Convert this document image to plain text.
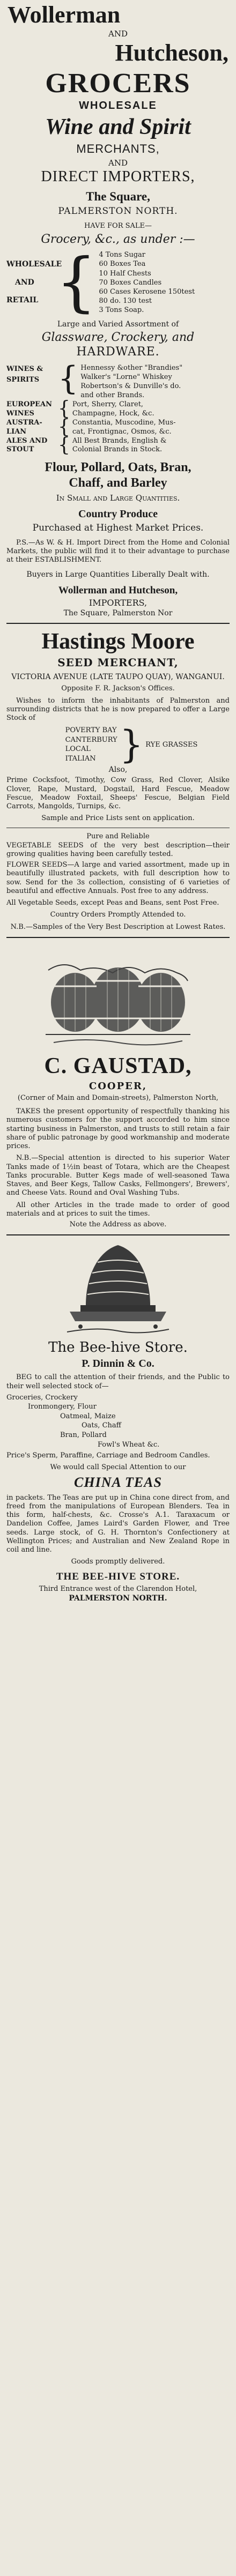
Wollerman
AND
Hutcheson,
GROCERS
WHOLESALE
Wine and Spirit
MERCHANTS,
AND
DIRECT IMPORTERS,
The Square,
PALMERSTON NORTH.
HAVE FOR SALE—
Grocery, &c., as under :—
WHOLESALE
AND
RETAIL { 4 Tons Sugar
60 Boxes Tea
10 Half Chests
70 Boxes Candles
60 Cases Kerosene 150test
80 do. 130 test
3 Tons Soap.
Large and Varied Assortment of
Glassware, Crockery, and
HARDWARE.
WINES &
SPIRITS { Hennessy &other "Brandies"
Walker's "Lorne" Whiskey
Robertson's & Dunville's do.
and other Brands.
EUROPEAN
WINES	{ Port, Sherry, Claret,
Champagne, Hock, &c.
AUSTRA-
LIAN	{ Constantia, Muscodine, Mus-
cat, Frontignac, Osmos, &c.
ALES AND
STOUT	{ All Best Brands, English &
Colonial Brands in Stock.
Flour, Pollard, Oats, Bran,
Chaff, and Barley
In Small and Large Quantities.
Country Produce
Purchased at Highest Market Prices.
P.S.—As W. & H. Import Direct from the Home and Colonial Markets, the public will find it to their advantage to purchase at their ESTABLISHMENT.
Buyers in Large Quantities Liberally Dealt with.
Wollerman and Hutcheson,
IMPORTERS,
The Square, Palmerston Nor
Hastings Moore
SEED MERCHANT,
VICTORIA AVENUE (LATE TAUPO QUAY), WANGANUI.
Opposite F. R. Jackson's Offices.
Wishes to inform the inhabitants of Palmerston and surrounding districts that he is now prepared to offer a Large Stock of
POVERTY BAY
CANTERBURY
LOCAL
ITALIAN } RYE GRASSES
Also,
Prime Cocksfoot, Timothy, Cow Grass, Red Clover, Alsike Clover, Rape, Mustard, Dogstail, Hard Fescue, Meadow Fescue, Meadow Foxtail, Sheeps' Fescue, Belgian Field Carrots, Mangolds, Turnips, &c.
Sample and Price Lists sent on application.
Pure and Reliable
VEGETABLE SEEDS of the very best description—their growing qualities having been carefully tested.
FLOWER SEEDS—A large and varied assortment, made up in beautifully illustrated packets, with full description how to sow. Send for the 3s collection, consisting of 6 varieties of beautiful and effective Annuals. Post free to any address.
All Vegetable Seeds, except Peas and Beans, sent Post Free.
Country Orders Promptly Attended to.
N.B.—Samples of the Very Best Description at Lowest Rates.
C. GAUSTAD,
COOPER,
(Corner of Main and Domain-streets), Palmerston North,
TAKES the present opportunity of respectfully thanking his numerous customers for the support accorded to him since starting business in Palmerston, and trusts to still retain a fair share of public patronage by good workmanship and moderate prices.
N.B.—Special attention is directed to his superior Water Tanks made of 1½in beast of Totara, which are the Cheapest Tanks procurable. Butter Kegs made of well-seasoned Tawa Staves, and Beer Kegs, Tallow Casks, Fellmongers', Brewers', and Cheese Vats. Round and Oval Washing Tubs.
All other Articles in the trade made to order of good materials and at prices to suit the times.
Note the Address as above.
The Bee-hive Store.
P. Dinnin & Co.
BEG to call the attention of their friends, and the Public to their well selected stock of—
Groceries, Crockery
Ironmongery, Flour
Oatmeal, Maize
Oats, Chaff
Bran, Pollard
Fowl's Wheat &c.
Price's Sperm, Paraffine, Carriage and Bedroom Candles.
We would call Special Attention to our
CHINA TEAS
in packets. The Teas are put up in China cone direct from, and freed from the manipulations of European Blenders. Tea in this form, half-chests, &c. Crosse's A.1. Taraxacum or Dandelion Coffee, James Laird's Garden Flower, and Tree seeds. Large stock, of G. H. Thornton's Confectionery at Wellington Prices; and Australian and New Zealand Rope in coil and line.
Goods promptly delivered.
THE BEE-HIVE STORE.
Third Entrance west of the Clarendon Hotel,
PALMERSTON NORTH.
